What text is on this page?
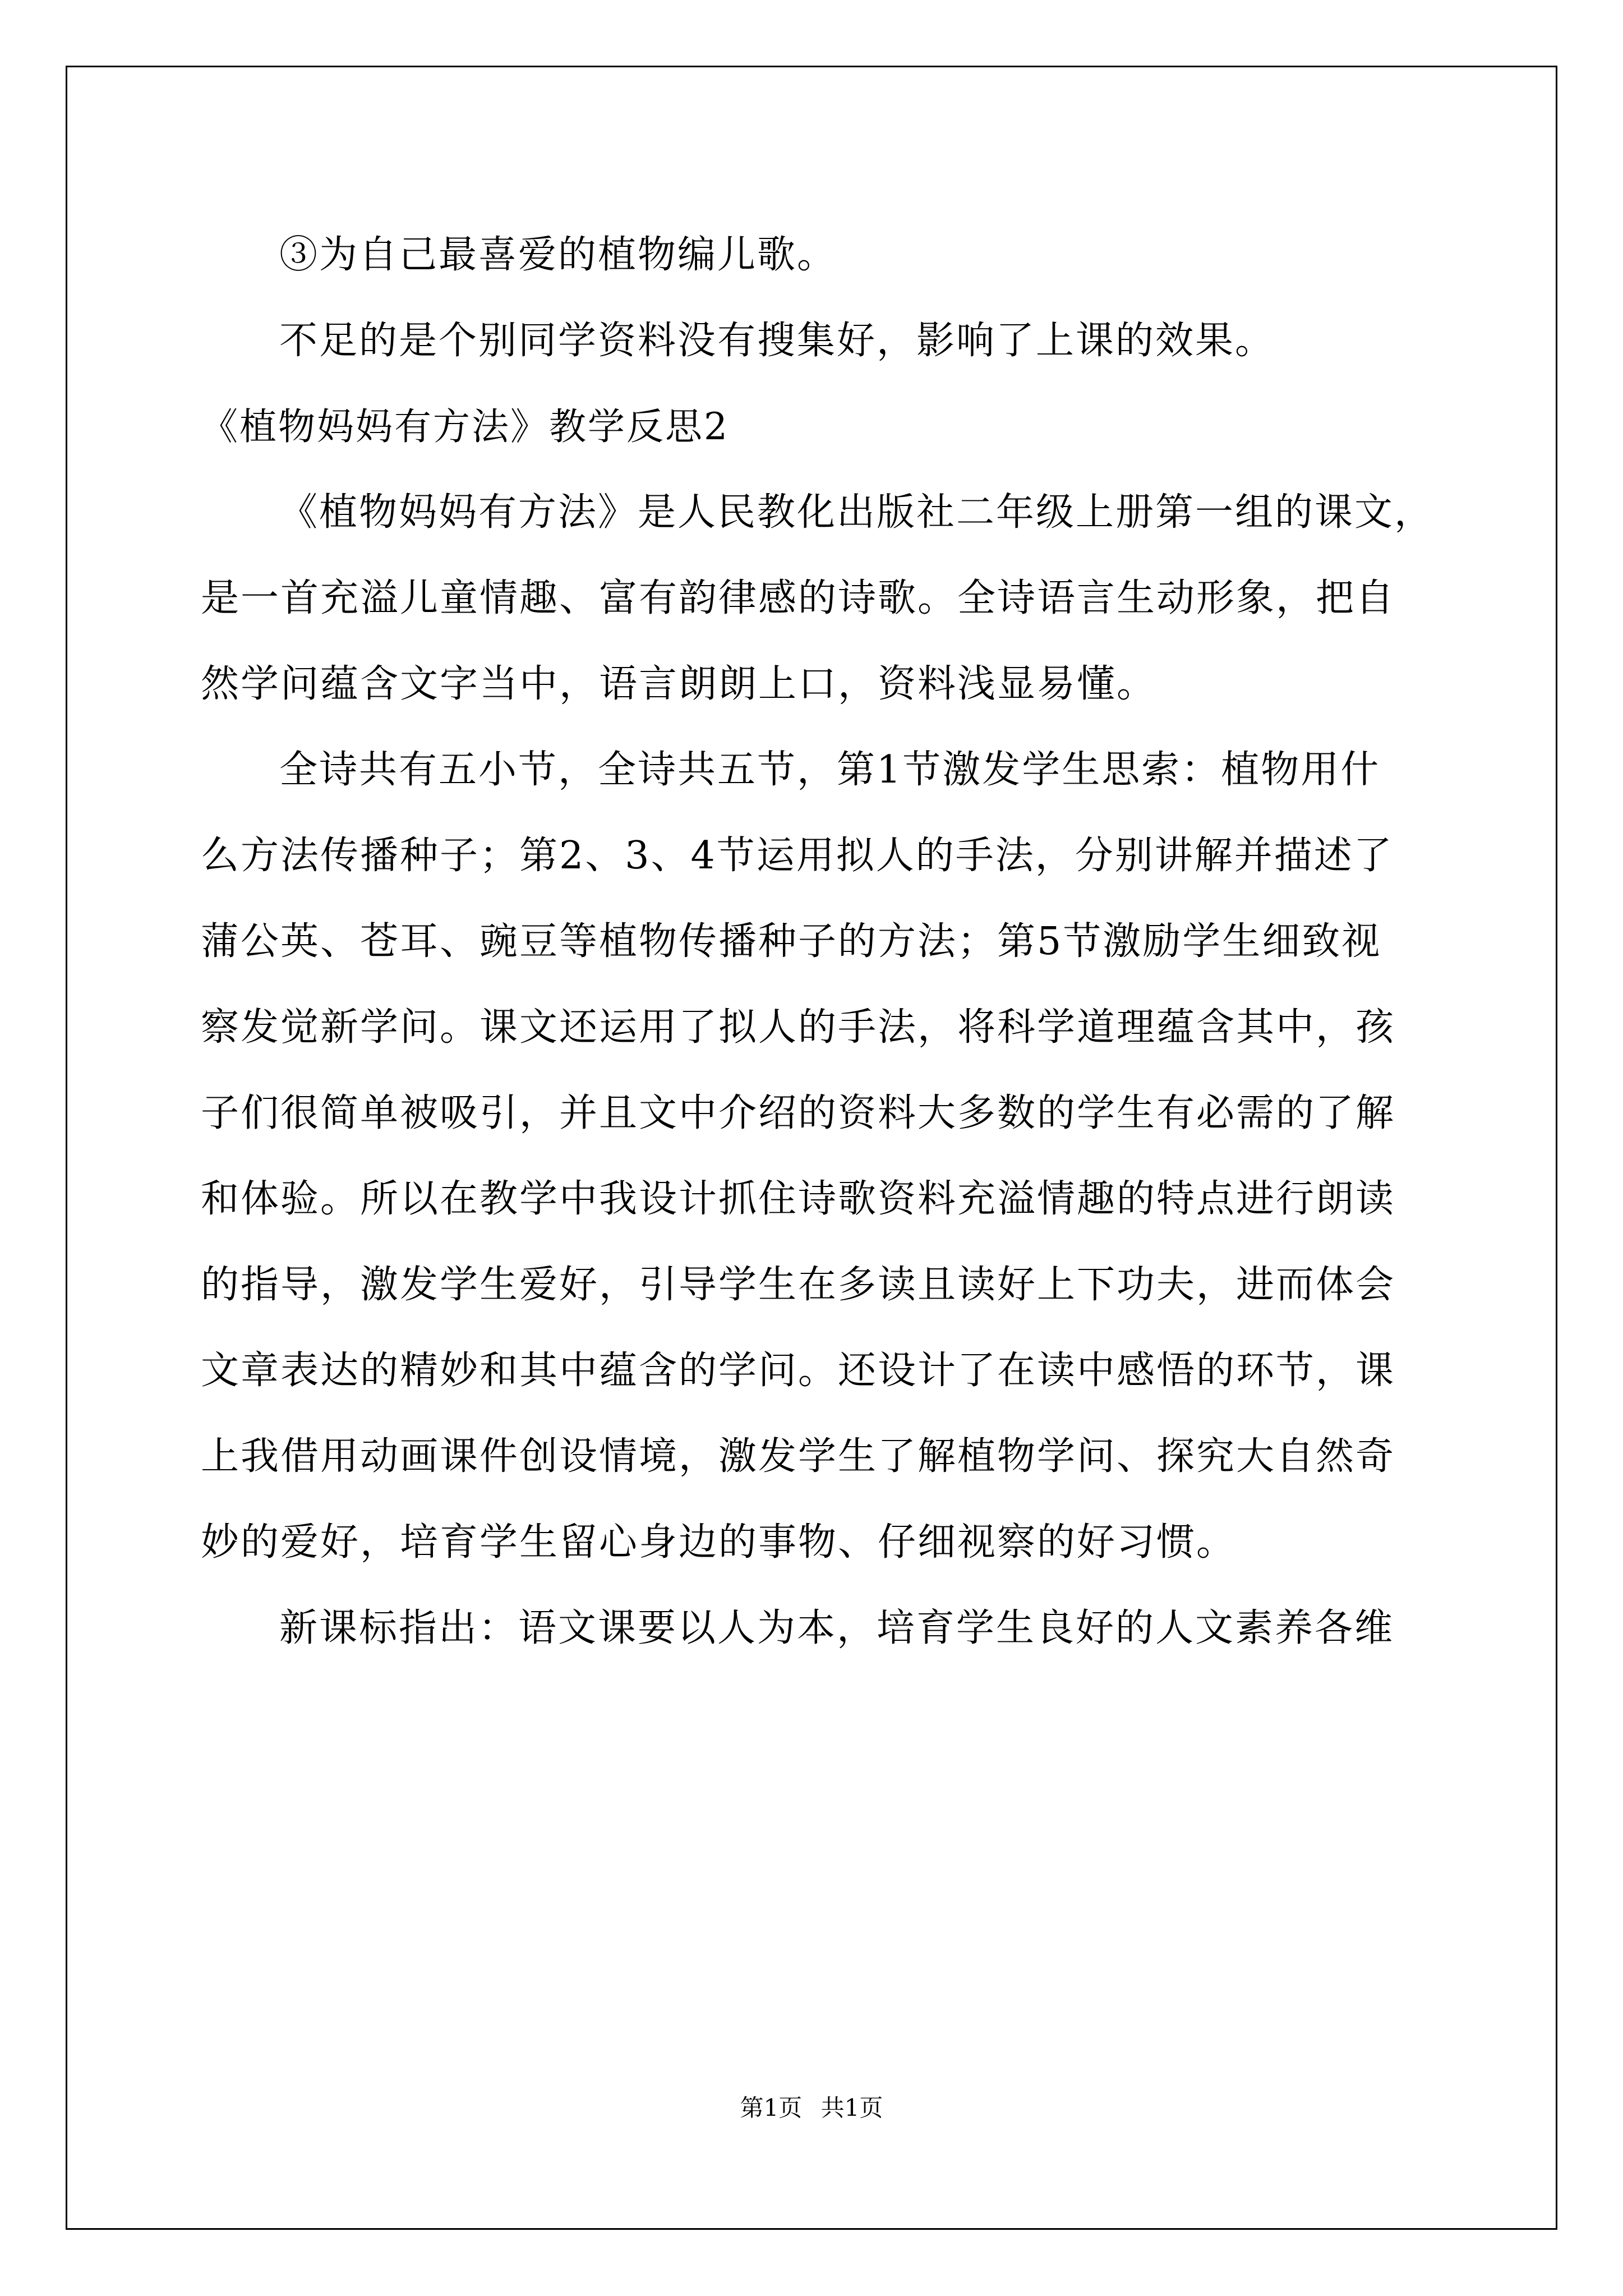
③为自己最喜爱的植物编儿歌。
不足的是个别同学资料没有搜集好，影响了上课的效果。
《植物妈妈有方法》教学反思2
《植物妈妈有方法》是人民教化出版社二年级上册第一组的课文，
是一首充溢儿童情趣、富有韵律感的诗歌。全诗语言生动形象，把自
然学问蕴含文字当中，语言朗朗上口，资料浅显易懂。
全诗共有五小节，全诗共五节，第1节激发学生思索：植物用什
么方法传播种子；第2、3、4节运用拟人的手法，分别讲解并描述了
蒲公英、苍耳、豌豆等植物传播种子的方法；第5节激励学生细致视
察发觉新学问。课文还运用了拟人的手法，将科学道理蕴含其中，孩
子们很简单被吸引，并且文中介绍的资料大多数的学生有必需的了解
和体验。所以在教学中我设计抓住诗歌资料充溢情趣的特点进行朗读
的指导，激发学生爱好，引导学生在多读且读好上下功夫，进而体会
文章表达的精妙和其中蕴含的学问。还设计了在读中感悟的环节，课
上我借用动画课件创设情境，激发学生了解植物学问、探究大自然奇
妙的爱好，培育学生留心身边的事物、仔细视察的好习惯。
新课标指出：语文课要以人为本，培育学生良好的人文素养各维
第1页 共1页
